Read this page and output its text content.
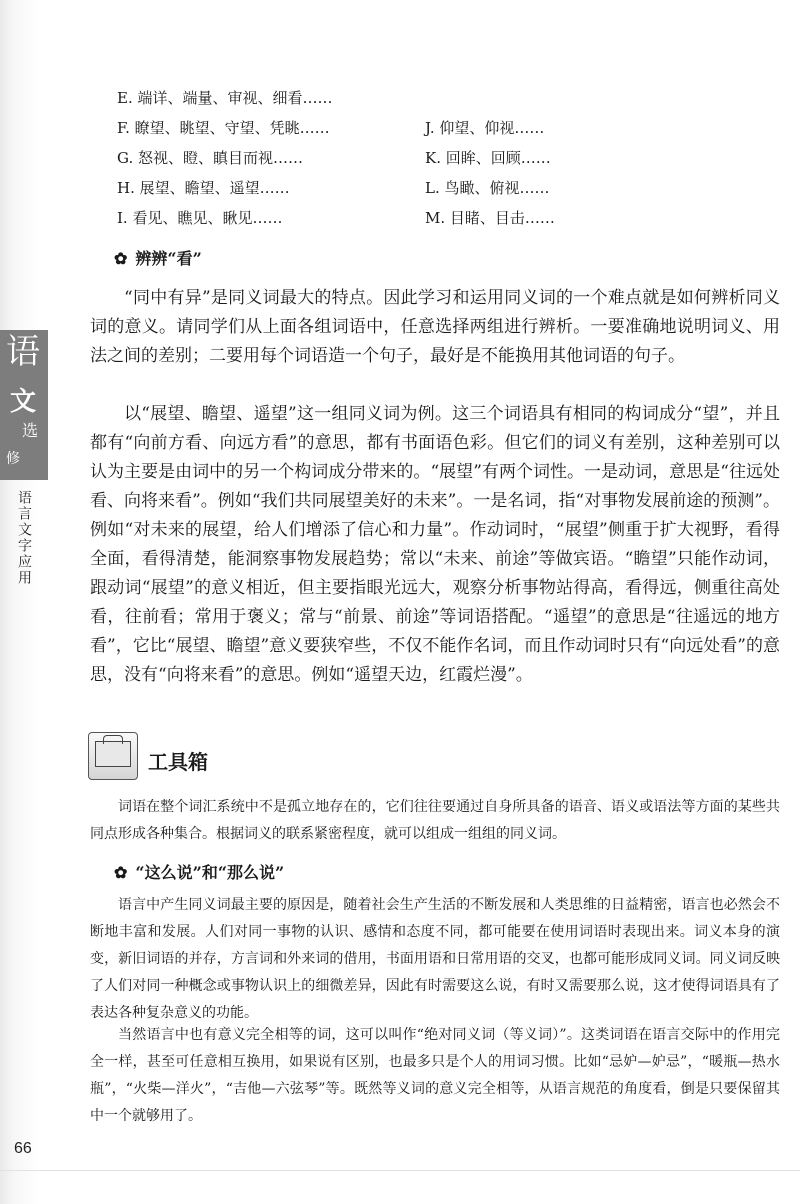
语
文
选
修
语言文字应用
E. 端详、端量、审视、细看……
F. 瞭望、眺望、守望、凭眺……	J. 仰望、仰视……
G. 怒视、瞪、瞋目而视……	K. 回眸、回顾……
H. 展望、瞻望、遥望……	L. 鸟瞰、俯视……
I. 看见、瞧见、瞅见……	M. 目睹、目击……
✿ 辨辨“看”
“同中有异”是同义词最大的特点。因此学习和运用同义词的一个难点就是如何辨析同义词的意义。请同学们从上面各组词语中，任意选择两组进行辨析。一要准确地说明词义、用法之间的差别；二要用每个词语造一个句子，最好是不能换用其他词语的句子。
以“展望、瞻望、遥望”这一组同义词为例。这三个词语具有相同的构词成分“望”，并且都有“向前方看、向远方看”的意思，都有书面语色彩。但它们的词义有差别，这种差别可以认为主要是由词中的另一个构词成分带来的。“展望”有两个词性。一是动词，意思是“往远处看、向将来看”。例如“我们共同展望美好的未来”。一是名词，指“对事物发展前途的预测”。例如“对未来的展望，给人们增添了信心和力量”。作动词时，“展望”侧重于扩大视野，看得全面，看得清楚，能洞察事物发展趋势；常以“未来、前途”等做宾语。“瞻望”只能作动词，跟动词“展望”的意义相近，但主要指眼光远大，观察分析事物站得高，看得远，侧重往高处看，往前看；常用于褒义；常与“前景、前途”等词语搭配。“遥望”的意思是“往遥远的地方看”，它比“展望、瞻望”意义要狭窄些，不仅不能作名词，而且作动词时只有“向远处看”的意思，没有“向将来看”的意思。例如“遥望天边，红霞烂漫”。
工具箱
词语在整个词汇系统中不是孤立地存在的，它们往往要通过自身所具备的语音、语义或语法等方面的某些共同点形成各种集合。根据词义的联系紧密程度，就可以组成一组组的同义词。
✿ “这么说”和“那么说”
语言中产生同义词最主要的原因是，随着社会生产生活的不断发展和人类思维的日益精密，语言也必然会不断地丰富和发展。人们对同一事物的认识、感情和态度不同，都可能要在使用词语时表现出来。词义本身的演变，新旧词语的并存，方言词和外来词的借用，书面用语和日常用语的交叉，也都可能形成同义词。同义词反映了人们对同一种概念或事物认识上的细微差异，因此有时需要这么说，有时又需要那么说，这才使得词语具有了表达各种复杂意义的功能。
当然语言中也有意义完全相等的词，这可以叫作“绝对同义词（等义词）”。这类词语在语言交际中的作用完全一样，甚至可任意相互换用，如果说有区别，也最多只是个人的用词习惯。比如“忌妒—妒忌”，“暖瓶—热水瓶”，“火柴—洋火”，“吉他—六弦琴”等。既然等义词的意义完全相等，从语言规范的角度看，倒是只要保留其中一个就够用了。
66
